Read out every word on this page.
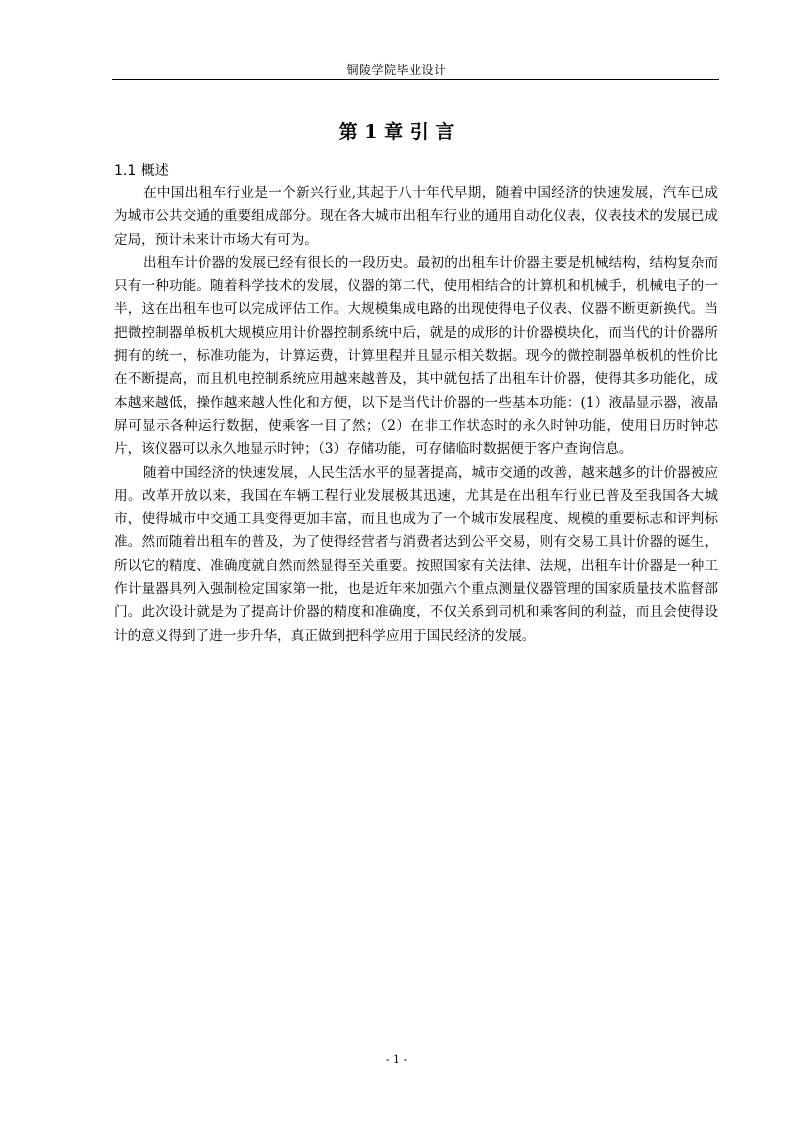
铜陵学院毕业设计
第 1 章 引 言
1.1 概述

在中国出租车行业是一个新兴行业,其起于八十年代早期，随着中国经济的快速发展，汽车已成为城市公共交通的重要组成部分。现在各大城市出租车行业的通用自动化仪表，仪表技术的发展已成定局，预计未来计市场大有可为。

出租车计价器的发展已经有很长的一段历史。最初的出租车计价器主要是机械结构，结构复杂而只有一种功能。随着科学技术的发展，仪器的第二代，使用相结合的计算机和机械手，机械电子的一半，这在出租车也可以完成评估工作。大规模集成电路的出现使得电子仪表、仪器不断更新换代。当把微控制器单板机大规模应用计价器控制系统中后，就是的成形的计价器模块化，而当代的计价器所拥有的统一，标准功能为，计算运费，计算里程并且显示相关数据。现今的微控制器单板机的性价比在不断提高，而且机电控制系统应用越来越普及，其中就包括了出租车计价器，使得其多功能化，成本越来越低，操作越来越人性化和方便，以下是当代计价器的一些基本功能：(1）液晶显示器，液晶屏可显示各种运行数据，使乘客一目了然；（2）在非工作状态时的永久时钟功能，使用日历时钟芯片，该仪器可以永久地显示时钟；（3）存储功能，可存储临时数据便于客户查询信息。

随着中国经济的快速发展，人民生活水平的显著提高，城市交通的改善，越来越多的计价器被应用。改革开放以来，我国在车辆工程行业发展极其迅速，尤其是在出租车行业已普及至我国各大城市，使得城市中交通工具变得更加丰富，而且也成为了一个城市发展程度、规模的重要标志和评判标准。然而随着出租车的普及，为了使得经营者与消费者达到公平交易，则有交易工具计价器的诞生，所以它的精度、准确度就自然而然显得至关重要。按照国家有关法律、法规，出租车计价器是一种工作计量器具列入强制检定国家第一批，也是近年来加强六个重点测量仪器管理的国家质量技术监督部门。此次设计就是为了提高计价器的精度和准确度，不仅关系到司机和乘客间的利益，而且会使得设计的意义得到了进一步升华，真正做到把科学应用于国民经济的发展。

- 1 -
